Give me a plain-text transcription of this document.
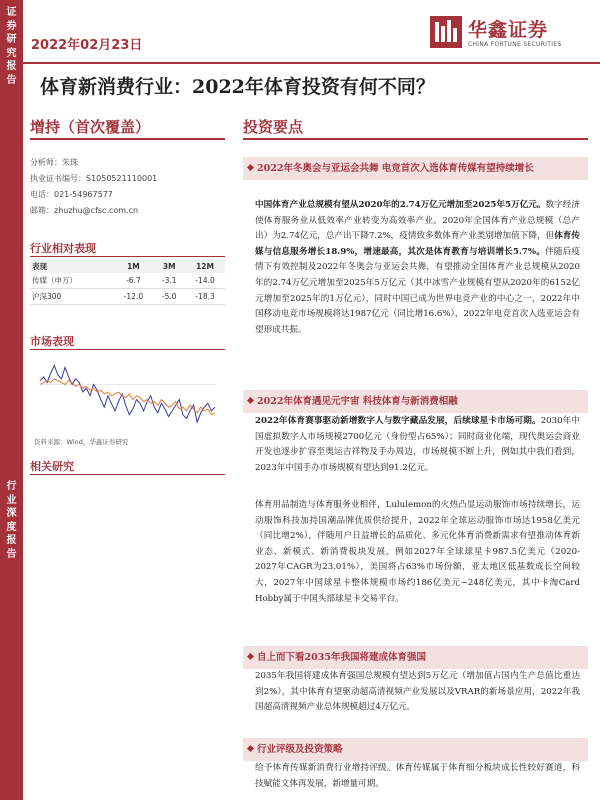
证
券
研
究
报
告
行
业
深
度
报
告
2022年02月23日
华鑫证券
CHINA FORTUNE SECURITIES
体育新消费行业：2022年体育投资有何不同？
增持（首次覆盖）	投资要点
分析师：朱珠
执业证书编号：S1050521110001
电话：021-54967577
邮箱：zhuzhu@cfsc.com.cn
行业相对表现
表现	1M	3M	12M
传媒（申万）	-6.7	-3.1	-14.0
沪深300	-12.0	-5.0	-18.3
市场表现
资料来源：Wind，华鑫证券研究
相关研究
2022年冬奥会与亚运会共舞 电竞首次入选体育传媒有望持续增长
中国体育产业总规模有望从2020年的2.74万亿元增加至2025年5万亿元。数字经济使体育服务业从低效率产业转变为高效率产业。2020年全国体育产业总规模（总产出）为2.74亿元，总产出下降7.2%，疫情致多数体育产业类别增加值下降，但体育传媒与信息服务增长18.9%，增速最高，其次是体育教育与培训增长5.7%。伴随后疫情下有效控制及2022年冬奥会与亚运会共舞，有望推动全国体育产业总规模从2020年的2.74万亿元增加至2025年5万亿元（其中冰雪产业规模有望从2020年的6152亿元增加至2025年的1万亿元），同时中国已成为世界电竞产业的中心之一，2022年中国移动电竞市场规模将达1987亿元（同比增16.6%），2022年电竞首次入选亚运会有望形成共振。
2022年体育遇见元宇宙 科技体育与新消费相融
2022年体育赛事驱动新增数字人与数字藏品发展，后续球星卡市场可期。2030年中国虚拟数字人市场规模2700亿元（身份型占65%）；同时商业化端，现代奥运会商业开发也逐步扩容至奥运吉祥物及手办周边，市场规模不断上升，例如其中我们看到，2023年中国手办市场规模有望达到91.2亿元。
体育用品制造与体育服务业相伴，Lululemon的火热凸显运动服饰市场持续增长，运动服饰科技加持国潮品牌优质供给提升，2022年全球运动服饰市场达1958亿美元（同比增2%），伴随用户日益增长的品质化、多元化体育消费新需求有望推动体育新业态、新模式、新消费板块发展，例如2027年全球球星卡987.5亿美元（2020-2027年CAGR为23.01%），美国将占63%市场份额，亚太地区低基数成长空间较大，2027年中国球星卡整体规模市场约186亿美元~248亿美元，其中卡淘Card Hobby属于中国头部球星卡交易平台。
自上而下看2035年我国将建成体育强国
2035年我国将建成体育强国总规模有望达到5万亿元（增加值占国内生产总值比重达到2%），其中体育有望驱动超高清视频产业发展以及VRAR的新场景应用，2022年我国超高清视频产业总体规模超过4万亿元。
行业评级及投资策略
给予体育传媒新消费行业增持评级。体育传媒属于体育细分板块成长性较好赛道，科技赋能文体再发展，新增量可期。
